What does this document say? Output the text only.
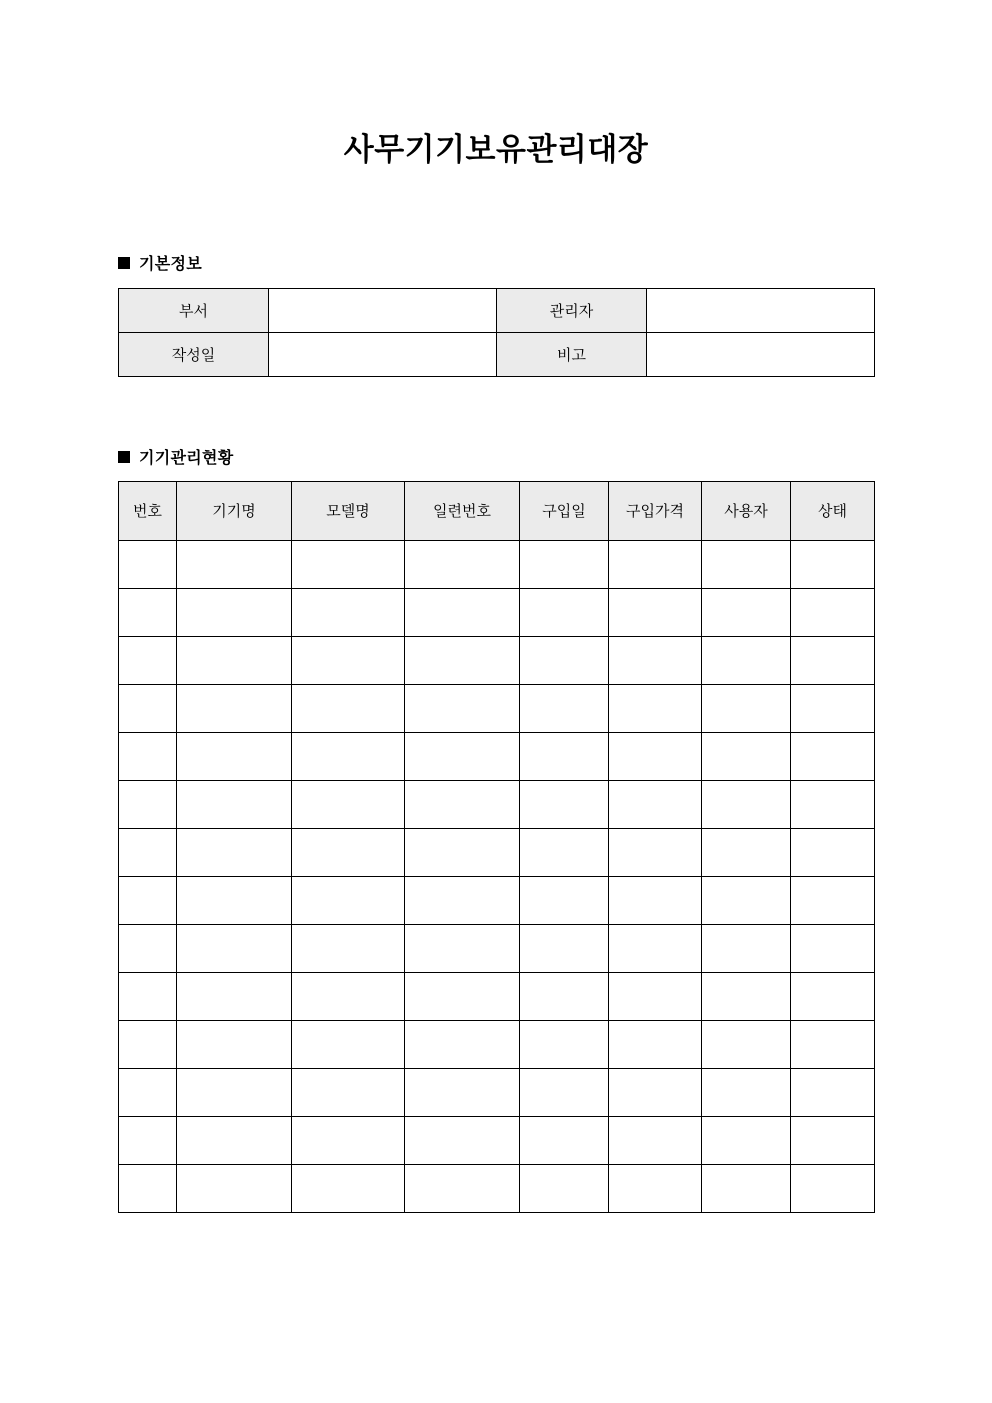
사무기기보유관리대장
기본정보
부서		관리자	
작성일		비고	
기기관리현황
번호	기기명	모델명	일련번호	구입일	구입가격	사용자	상태
